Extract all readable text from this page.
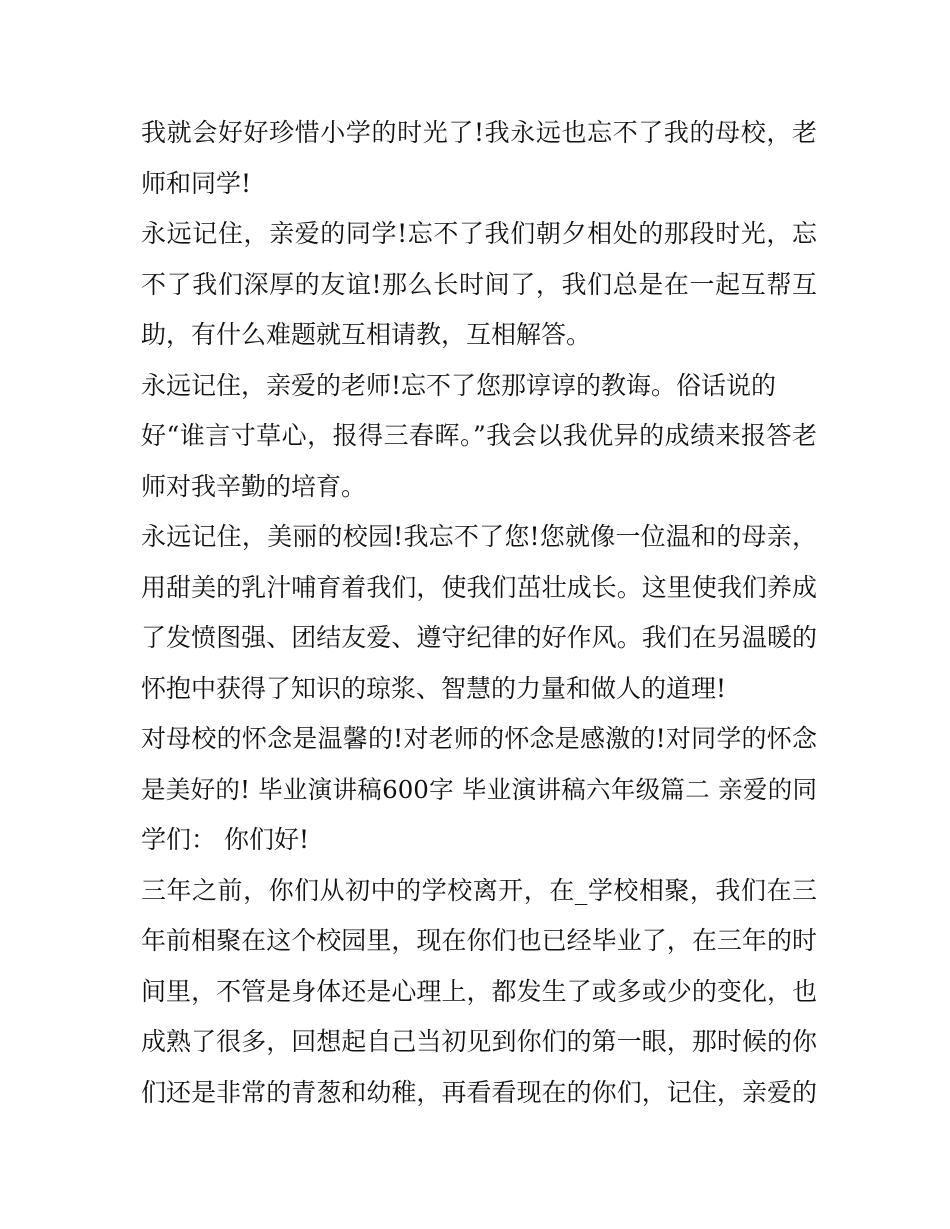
我就会好好珍惜小学的时光了!我永远也忘不了我的母校，老
师和同学!
永远记住，亲爱的同学!忘不了我们朝夕相处的那段时光，忘
不了我们深厚的友谊!那么长时间了，我们总是在一起互帮互
助，有什么难题就互相请教，互相解答。
永远记住，亲爱的老师!忘不了您那谆谆的教诲。俗话说的
好“谁言寸草心，报得三春晖。”我会以我优异的成绩来报答老
师对我辛勤的培育。
永远记住，美丽的校园!我忘不了您!您就像一位温和的母亲，
用甜美的乳汁哺育着我们，使我们茁壮成长。这里使我们养成
了发愤图强、团结友爱、遵守纪律的好作风。我们在另温暖的
怀抱中获得了知识的琼浆、智慧的力量和做人的道理!
对母校的怀念是温馨的!对老师的怀念是感激的!对同学的怀念
是美好的! 毕业演讲稿600字 毕业演讲稿六年级篇二 亲爱的同
学们： 你们好!
三年之前，你们从初中的学校离开，在_学校相聚，我们在三
年前相聚在这个校园里，现在你们也已经毕业了，在三年的时
间里，不管是身体还是心理上，都发生了或多或少的变化，也
成熟了很多，回想起自己当初见到你们的第一眼，那时候的你
们还是非常的青葱和幼稚，再看看现在的你们，记住，亲爱的
